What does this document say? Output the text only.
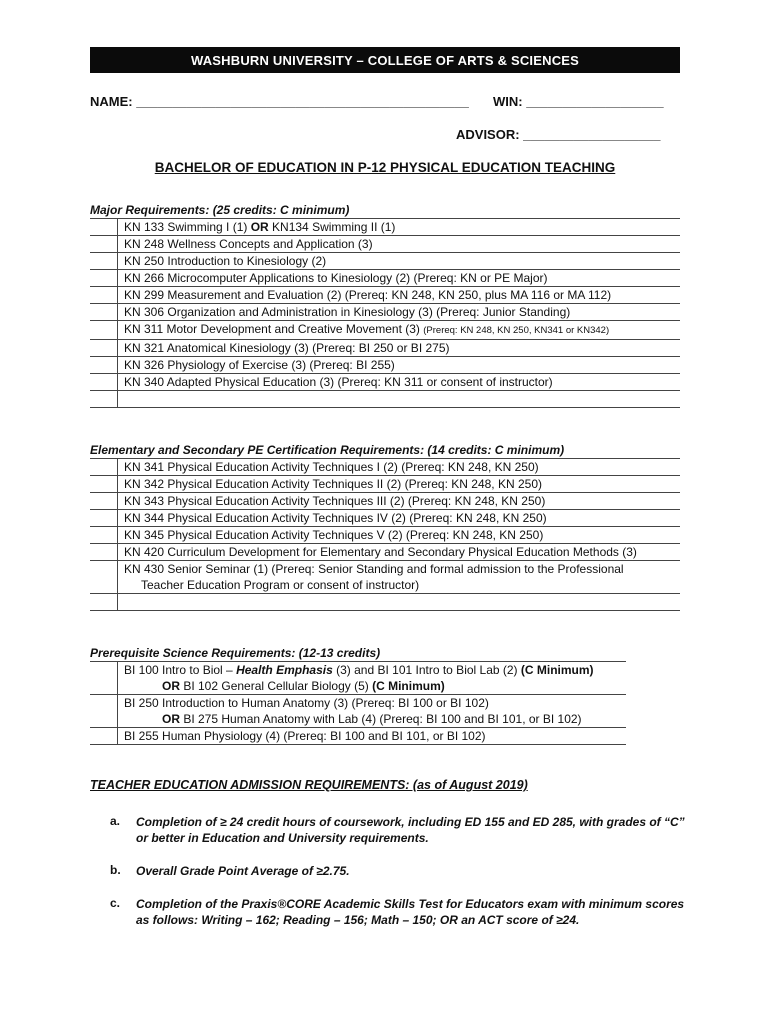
WASHBURN UNIVERSITY – COLLEGE OF ARTS & SCIENCES
NAME: ______________________________________________ WIN: ___________________
ADVISOR: ___________________
BACHELOR OF EDUCATION IN P-12 PHYSICAL EDUCATION TEACHING
Major Requirements: (25 credits: C minimum)
	KN 133 Swimming I (1) OR KN134 Swimming II (1)
	KN 248 Wellness Concepts and Application (3)
	KN 250 Introduction to Kinesiology (2)
	KN 266 Microcomputer Applications to Kinesiology (2) (Prereq: KN or PE Major)
	KN 299 Measurement and Evaluation (2) (Prereq: KN 248, KN 250, plus MA 116 or MA 112)
	KN 306 Organization and Administration in Kinesiology (3) (Prereq: Junior Standing)
	KN 311 Motor Development and Creative Movement (3) (Prereq: KN 248, KN 250, KN341 or KN342)
	KN 321 Anatomical Kinesiology (3) (Prereq: BI 250 or BI 275)
	KN 326 Physiology of Exercise (3) (Prereq: BI 255)
	KN 340 Adapted Physical Education (3) (Prereq: KN 311 or consent of instructor)

Elementary and Secondary PE Certification Requirements: (14 credits: C minimum)
	KN 341 Physical Education Activity Techniques I (2) (Prereq: KN 248, KN 250)
	KN 342 Physical Education Activity Techniques II (2) (Prereq: KN 248, KN 250)
	KN 343 Physical Education Activity Techniques III (2) (Prereq: KN 248, KN 250)
	KN 344 Physical Education Activity Techniques IV (2) (Prereq: KN 248, KN 250)
	KN 345 Physical Education Activity Techniques V (2) (Prereq: KN 248, KN 250)
	KN 420 Curriculum Development for Elementary and Secondary Physical Education Methods (3)

	KN 430 Senior Seminar (1) (Prereq: Senior Standing and formal admission to the Professional
Teacher Education Program or consent of instructor)

Prerequisite Science Requirements: (12-13 credits)

	BI 100 Intro to Biol – Health Emphasis (3) and BI 101 Intro to Biol Lab (2) (C Minimum)
OR BI 102 General Cellular Biology (5) (C Minimum)

	BI 250 Introduction to Human Anatomy (3) (Prereq: BI 100 or BI 102)
OR BI 275 Human Anatomy with Lab (4) (Prereq: BI 100 and BI 101, or BI 102)

	BI 255 Human Physiology (4) (Prereq: BI 100 and BI 101, or BI 102)
TEACHER EDUCATION ADMISSION REQUIREMENTS: (as of August 2019)
a. Completion of ≥ 24 credit hours of coursework, including ED 155 and ED 285, with grades of “C” or better in Education and University requirements.
b. Overall Grade Point Average of ≥2.75.
c. Completion of the Praxis®CORE Academic Skills Test for Educators exam with minimum scores as follows: Writing – 162; Reading – 156; Math – 150; OR an ACT score of ≥24.
